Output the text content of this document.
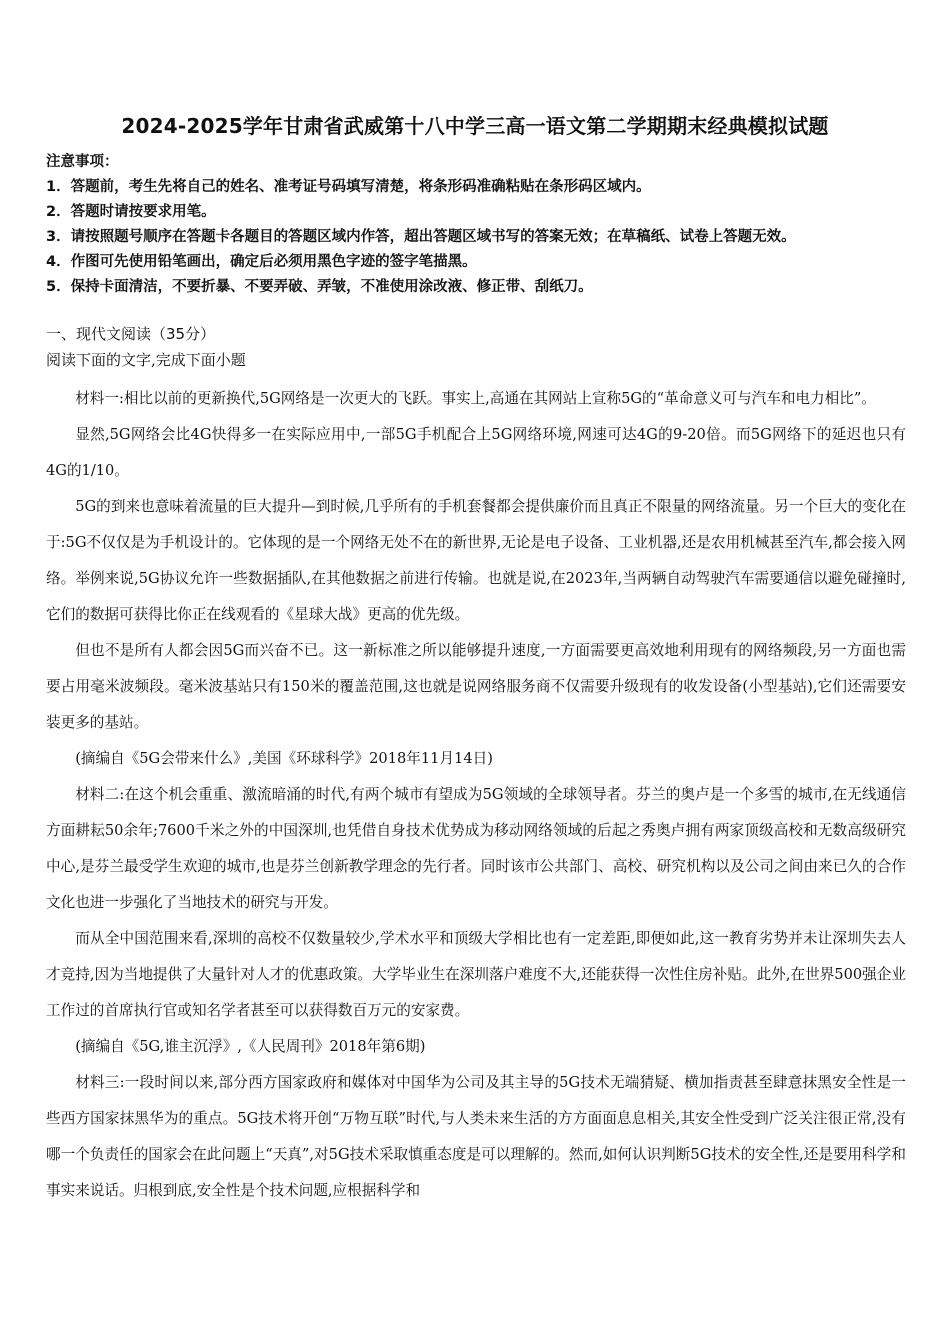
2024-2025学年甘肃省武威第十八中学三高一语文第二学期期末经典模拟试题
注意事项：
1．答题前，考生先将自己的姓名、准考证号码填写清楚，将条形码准确粘贴在条形码区域内。
2．答题时请按要求用笔。
3．请按照题号顺序在答题卡各题目的答题区域内作答，超出答题区域书写的答案无效；在草稿纸、试卷上答题无效。
4．作图可先使用铅笔画出，确定后必须用黑色字迹的签字笔描黑。
5．保持卡面清洁，不要折暴、不要弄破、弄皱，不准使用涂改液、修正带、刮纸刀。
一、现代文阅读（35分）
阅读下面的文字,完成下面小题

材料一:相比以前的更新换代,5G网络是一次更大的飞跃。事实上,高通在其网站上宣称5G的“革命意义可与汽车和电力相比”。

显然,5G网络会比4G快得多一在实际应用中,一部5G手机配合上5G网络环境,网速可达4G的9-20倍。而5G网络下的延迟也只有4G的1/10。

5G的到来也意味着流量的巨大提升—到时候,几乎所有的手机套餐都会提供廉价而且真正不限量的网络流量。另一个巨大的变化在于:5G不仅仅是为手机设计的。它体现的是一个网络无处不在的新世界,无论是电子设备、工业机器,还是农用机械甚至汽车,都会接入网络。举例来说,5G协议允许一些数据插队,在其他数据之前进行传输。也就是说,在2023年,当两辆自动驾驶汽车需要通信以避免碰撞时,它们的数据可获得比你正在线观看的《星球大战》更高的优先级。

但也不是所有人都会因5G而兴奋不已。这一新标准之所以能够提升速度,一方面需要更高效地利用现有的网络频段,另一方面也需要占用毫米波频段。毫米波基站只有150米的覆盖范围,这也就是说网络服务商不仅需要升级现有的收发设备(小型基站),它们还需要安装更多的基站。

(摘编自《5G会带来什么》,美国《环球科学》2018年11月14日)

材料二:在这个机会重重、激流暗涌的时代,有两个城市有望成为5G领域的全球领导者。芬兰的奥卢是一个多雪的城市,在无线通信方面耕耘50余年;7600千米之外的中国深圳,也凭借自身技术优势成为移动网络领域的后起之秀奥卢拥有两家顶级高校和无数高级研究中心,是芬兰最受学生欢迎的城市,也是芬兰创新教学理念的先行者。同时该市公共部门、高校、研究机构以及公司之间由来已久的合作文化也进一步强化了当地技术的研究与开发。

而从全中国范围来看,深圳的高校不仅数量较少,学术水平和顶级大学相比也有一定差距,即便如此,这一教育劣势并未让深圳失去人才竞持,因为当地提供了大量针对人才的优惠政策。大学毕业生在深圳落户难度不大,还能获得一次性住房补贴。此外,在世界500强企业工作过的首席执行官或知名学者甚至可以获得数百万元的安家费。

(摘编自《5G,谁主沉浮》,《人民周刊》2018年第6期)

材料三:一段时间以来,部分西方国家政府和媒体对中国华为公司及其主导的5G技术无端猜疑、横加指责甚至肆意抹黑安全性是一些西方国家抹黑华为的重点。5G技术将开创“万物互联”时代,与人类未来生活的方方面面息息相关,其安全性受到广泛关注很正常,没有哪一个负责任的国家会在此问题上“天真”,对5G技术采取慎重态度是可以理解的。然而,如何认识判断5G技术的安全性,还是要用科学和事实来说话。归根到底,安全性是个技术问题,应根据科学和
